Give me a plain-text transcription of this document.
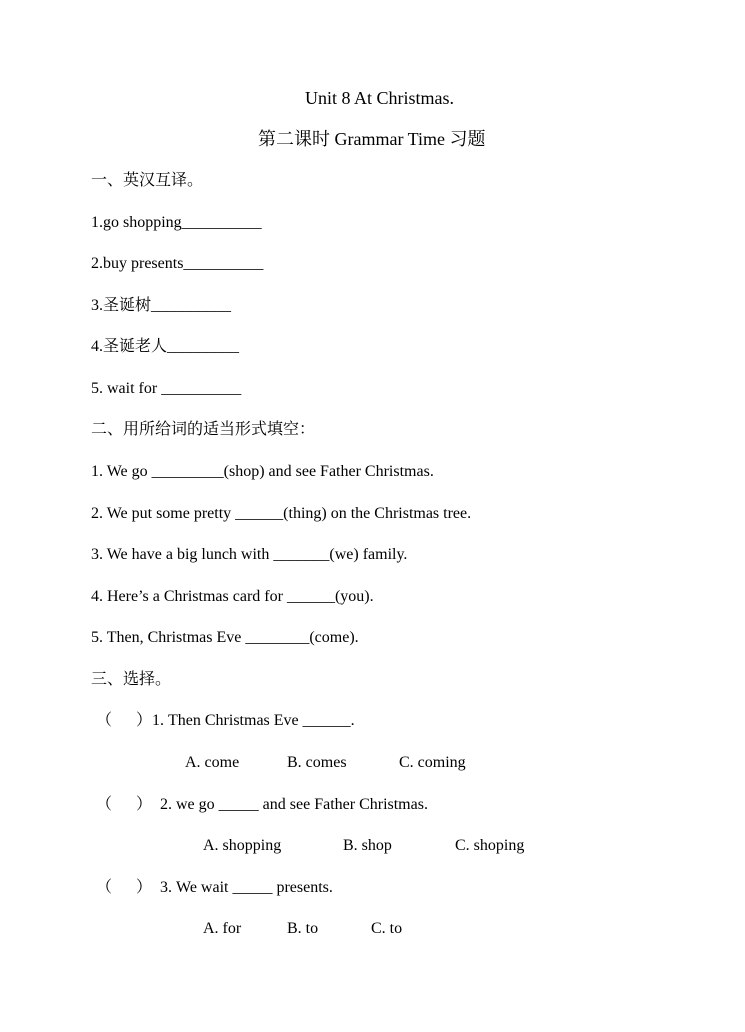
Unit 8 At Christmas.
第二课时 Grammar Time 习题
一、英汉互译。
1.go shopping__________
2.buy presents__________
3.圣诞树__________
4.圣诞老人_________
5. wait for __________
二、用所给词的适当形式填空：
1. We go _________(shop) and see Father Christmas.
2. We put some pretty ______(thing) on the Christmas tree.
3. We have a big lunch with _______(we) family.
4. Here’s a Christmas card for ______(you).
5. Then, Christmas Eve ________(come).
三、选择。
（      ）1. Then Christmas Eve ______.
A. come	B. comes	C. coming
（      ）  2. we go _____ and see Father Christmas.
A. shopping	B. shop	C. shoping
（      ）  3. We wait _____ presents.
A. for	B. to	C. to
